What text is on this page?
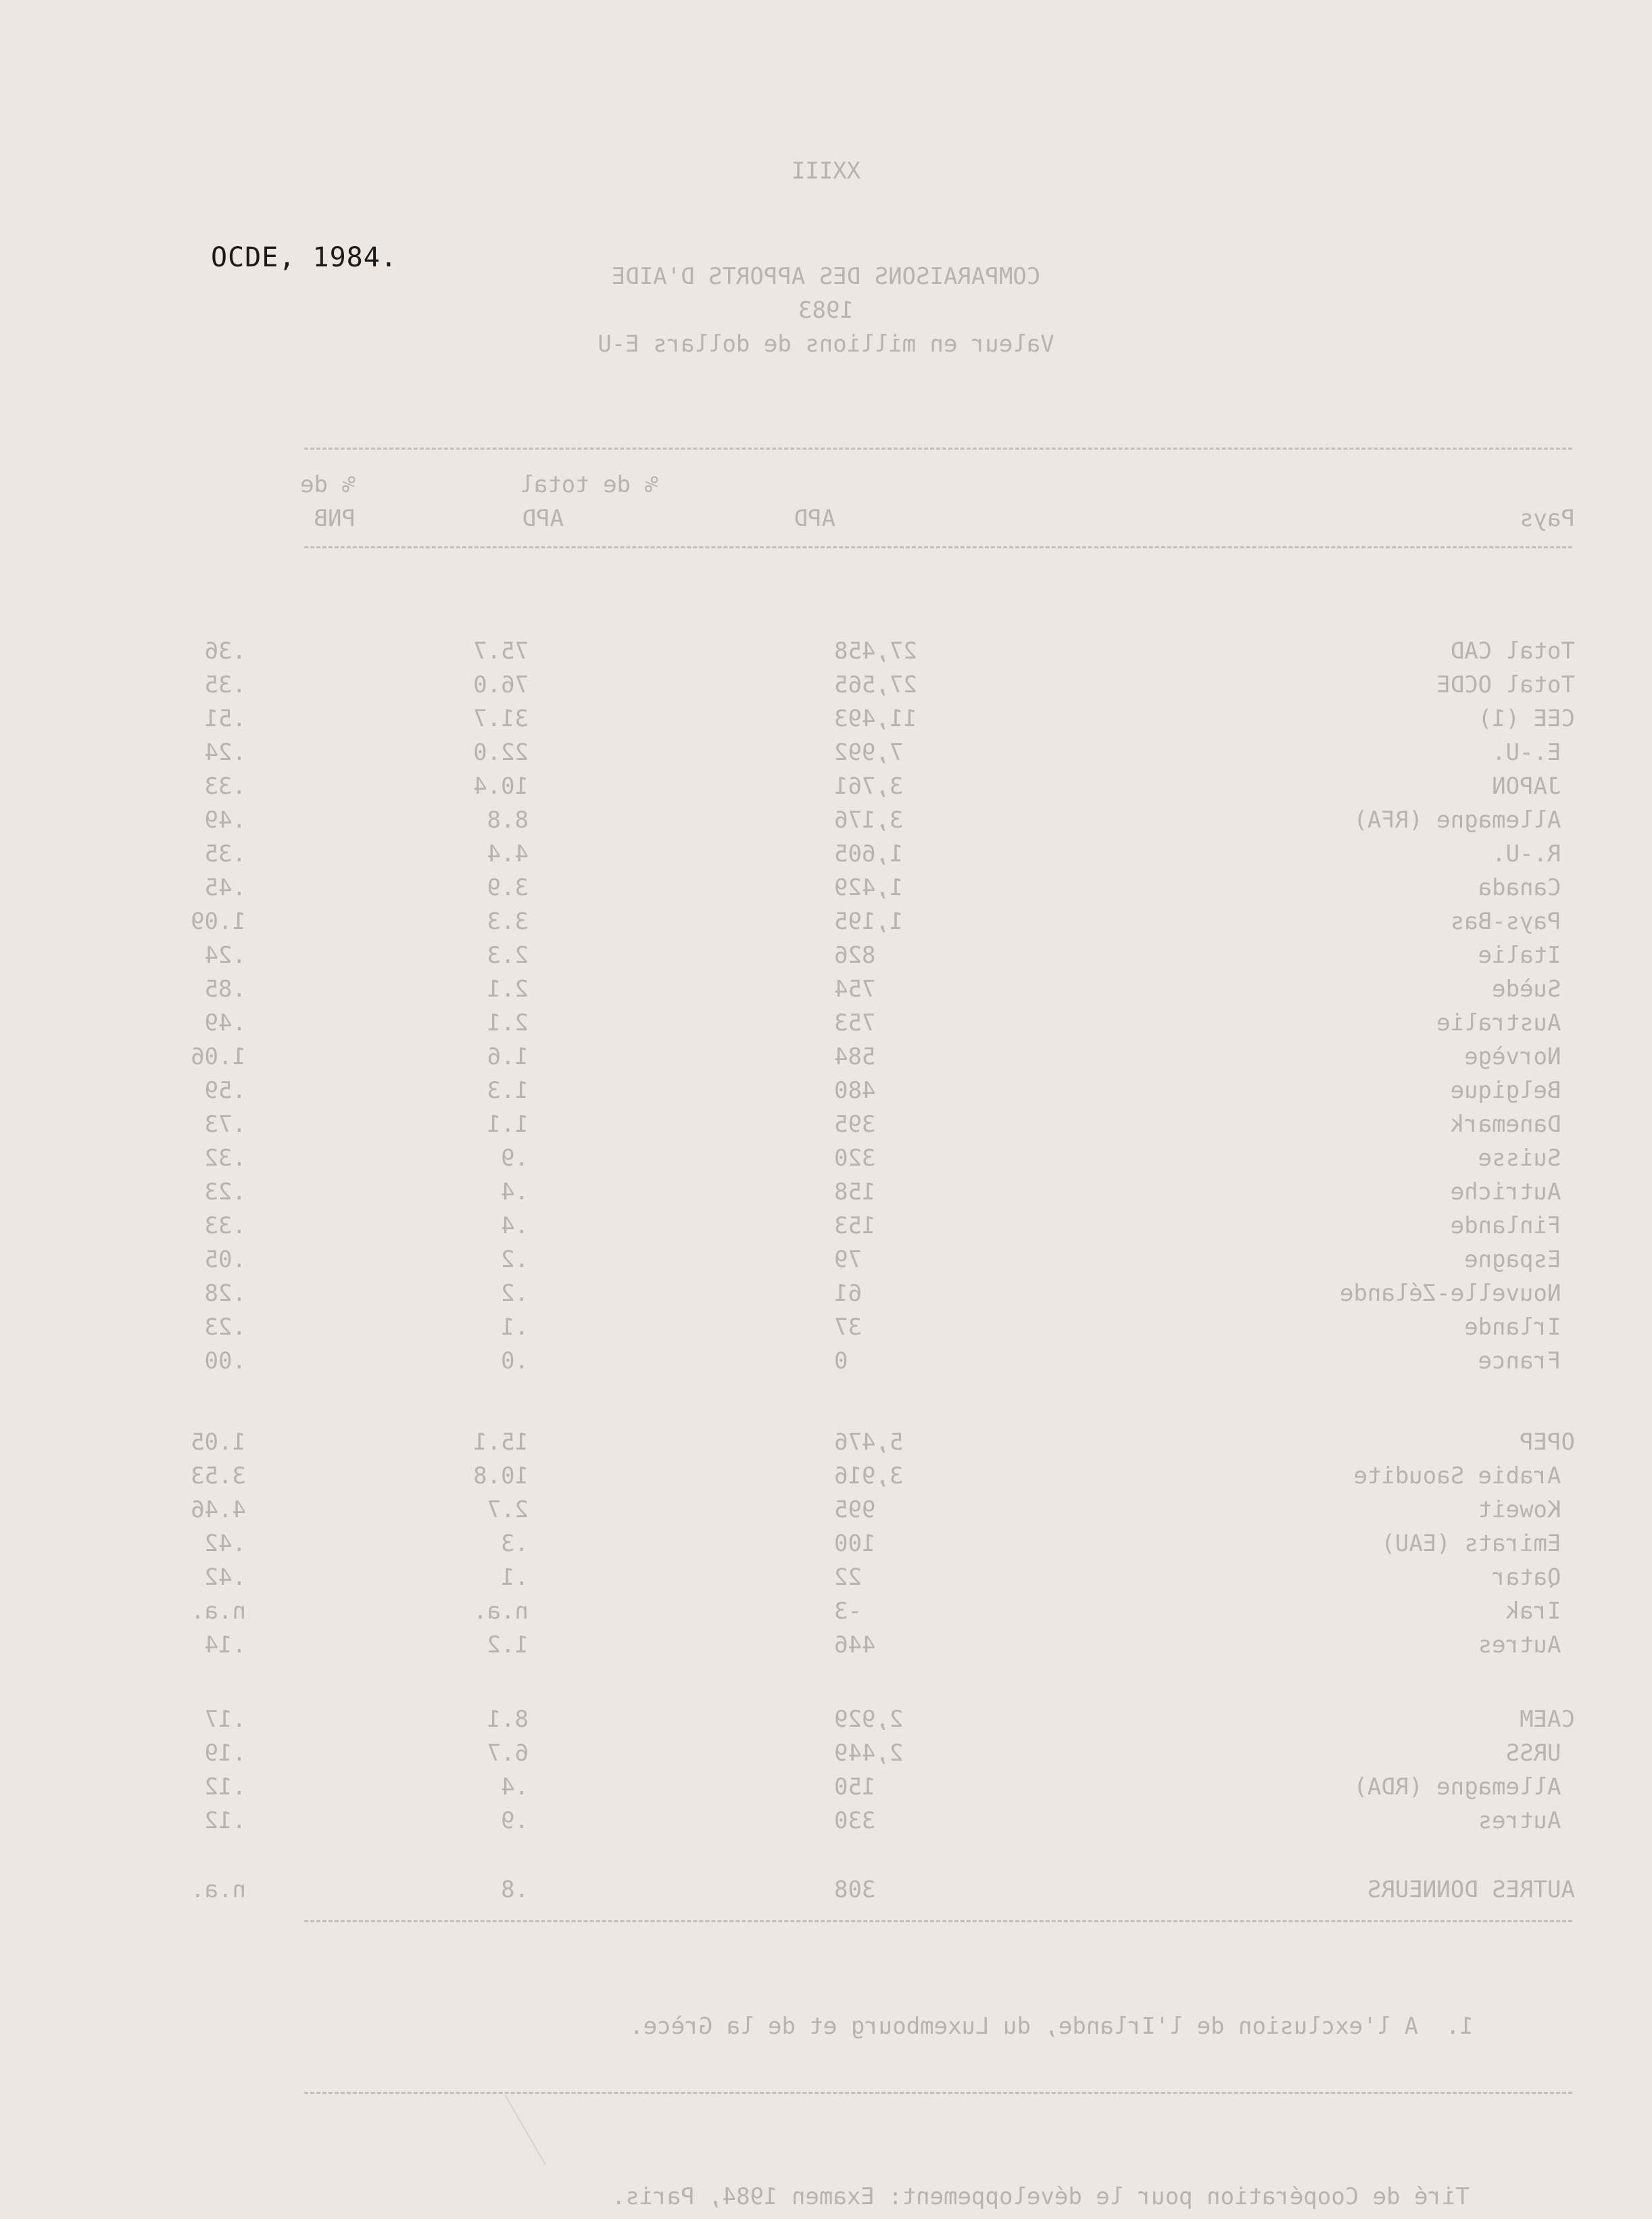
OCDE, 1984.
XXIII
COMPARAISONS DES APPORTS D'AIDE
1983
Valeur en millions de dollars E-U
% de total
% de
Pays
APD
APD
PNB
Total CAD
27,458
75.7
.36
Total OCDE
27,565
76.0
.35
CEE (1)
11,493
31.7
.51
E.-U.
7,992
22.0
.24
JAPON
3,761
10.4
.33
Allemagne (RFA)
3,176
8.8
.49
R.-U.
1,605
4.4
.35
Canada
1,429
3.9
.45
Pays-Bas
1,195
3.3
1.09
Italie
826
2.3
.24
Suède
754
2.1
.85
Australie
753
2.1
.49
Norvège
584
1.6
1.06
Belgique
480
1.3
.59
Danemark
395
1.1
.73
Suisse
320
.9
.32
Autriche
158
.4
.23
Finlande
153
.4
.33
Espagne
79
.2
.05
Nouvelle-Zélande
61
.2
.28
Irlande
37
.1
.23
France
0
.0
.00
OPEP
5,476
15.1
1.05
Arabie Saoudite
3,916
10.8
3.53
Koweit
995
2.7
4.46
Emirats (EAU)
100
.3
.42
Qatar
22
.1
.42
Irak
-3
n.a.
n.a.
Autres
446
1.2
.14
CAEM
2,929
8.1
.17
URSS
2,449
6.7
.19
Allemagne (RDA)
150
.4
.12
Autres
330
.9
.12
AUTRES DONNEURS
308
.8
n.a.
1.  A l'exclusion de l'Irlande, du Luxembourg et de la Grèce.
Tiré de Coopération pour le développement: Examen 1984, Paris.
